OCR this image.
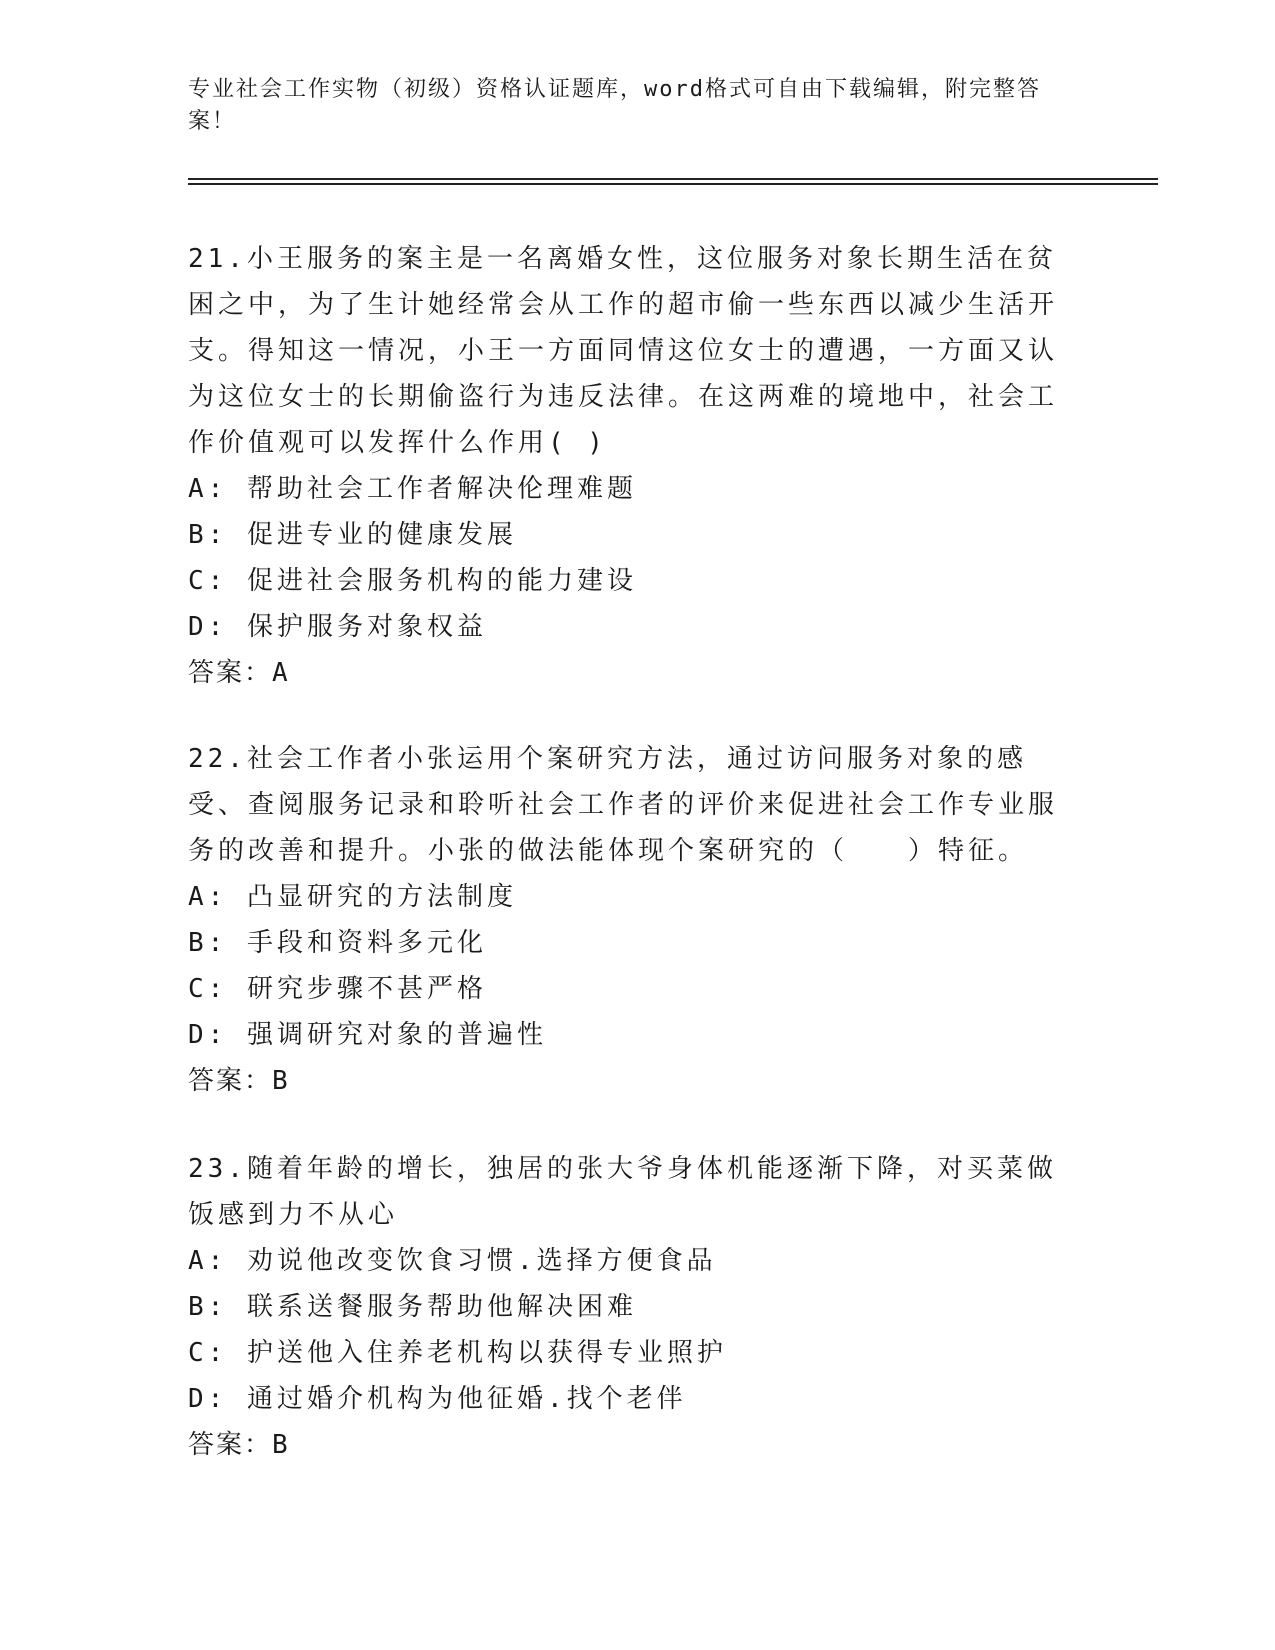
专业社会工作实物（初级）资格认证题库，word格式可自由下载编辑，附完整答案！
21.小王服务的案主是一名离婚女性，这位服务对象长期生活在贫困之中，为了生计她经常会从工作的超市偷一些东西以减少生活开支。得知这一情况，小王一方面同情这位女士的遭遇，一方面又认为这位女士的长期偷盗行为违反法律。在这两难的境地中，社会工作价值观可以发挥什么作用( )
A: 帮助社会工作者解决伦理难题
B: 促进专业的健康发展
C: 促进社会服务机构的能力建设
D: 保护服务对象权益
答案：A
22.社会工作者小张运用个案研究方法，通过访问服务对象的感受、查阅服务记录和聆听社会工作者的评价来促进社会工作专业服务的改善和提升。小张的做法能体现个案研究的（　　）特征。
A: 凸显研究的方法制度
B: 手段和资料多元化
C: 研究步骤不甚严格
D: 强调研究对象的普遍性
答案：B
23.随着年龄的增长，独居的张大爷身体机能逐渐下降，对买菜做饭感到力不从心
A: 劝说他改变饮食习惯.选择方便食品
B: 联系送餐服务帮助他解决困难
C: 护送他入住养老机构以获得专业照护
D: 通过婚介机构为他征婚.找个老伴
答案：B
